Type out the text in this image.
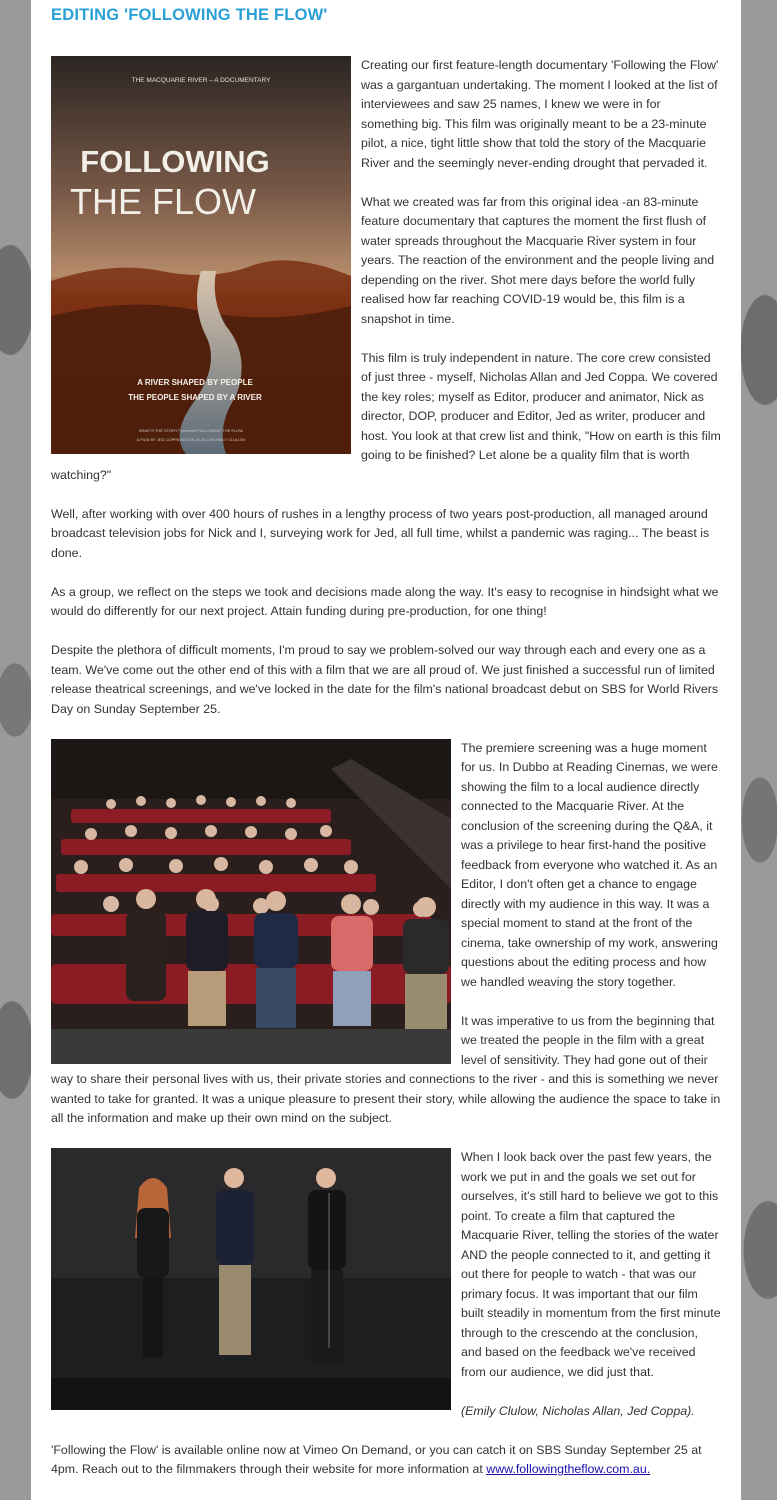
EDITING 'FOLLOWING THE FLOW'
THE MACQUARIE RIVER – A DOCUMENTARY
FOLLOWING
THE FLOW
A RIVER SHAPED BY PEOPLE
THE PEOPLE SHAPED BY A RIVER
WHAT'S THE STORY? presents FOLLOWING THE FLOW
A FILM BY JED COPPA NICHOLAS ALLAN EMILY CLULOW

Creating our first feature-length documentary 'Following the Flow' was a gargantuan undertaking. The moment I looked at the list of interviewees and saw 25 names, I knew we were in for something big. This film was originally meant to be a 23-minute pilot, a nice, tight little show that told the story of the Macquarie River and the seemingly never-ending drought that pervaded it.

What we created was far from this original idea -an 83-minute feature documentary that captures the moment the first flush of water spreads throughout the Macquarie River system in four years. The reaction of the environment and the people living and depending on the river. Shot mere days before the world fully realised how far reaching COVID-19 would be, this film is a snapshot in time.

This film is truly independent in nature. The core crew consisted of just three - myself, Nicholas Allan and Jed Coppa. We covered the key roles; myself as Editor, producer and animator, Nick as director, DOP, producer and Editor, Jed as writer, producer and host. You look at that crew list and think, "How on earth is this film going to be finished? Let alone be a quality film that is worth watching?"

Well, after working with over 400 hours of rushes in a lengthy process of two years post-production, all managed around broadcast television jobs for Nick and I, surveying work for Jed, all full time, whilst a pandemic was raging... The beast is done.

As a group, we reflect on the steps we took and decisions made along the way. It's easy to recognise in hindsight what we would do differently for our next project. Attain funding during pre-production, for one thing!

Despite the plethora of difficult moments, I'm proud to say we problem-solved our way through each and every one as a team. We've come out the other end of this with a film that we are all proud of. We just finished a successful run of limited release theatrical screenings, and we've locked in the date for the film's national broadcast debut on SBS for World Rivers Day on Sunday September 25.

The premiere screening was a huge moment for us. In Dubbo at Reading Cinemas, we were showing the film to a local audience directly connected to the Macquarie River. At the conclusion of the screening during the Q&A, it was a privilege to hear first-hand the positive feedback from everyone who watched it. As an Editor, I don't often get a chance to engage directly with my audience in this way. It was a special moment to stand at the front of the cinema, take ownership of my work, answering questions about the editing process and how we handled weaving the story together.

It was imperative to us from the beginning that we treated the people in the film with a great level of sensitivity. They had gone out of their way to share their personal lives with us, their private stories and connections to the river - and this is something we never wanted to take for granted. It was a unique pleasure to present their story, while allowing the audience the space to take in all the information and make up their own mind on the subject.

When I look back over the past few years, the work we put in and the goals we set out for ourselves, it's still hard to believe we got to this point. To create a film that captured the Macquarie River, telling the stories of the water AND the people connected to it, and getting it out there for people to watch - that was our primary focus. It was important that our film built steadily in momentum from the first minute through to the crescendo at the conclusion, and based on the feedback we've received from our audience, we did just that.

(Emily Clulow, Nicholas Allan, Jed Coppa).

'Following the Flow' is available online now at Vimeo On Demand, or you can catch it on SBS Sunday September 25 at 4pm. Reach out to the filmmakers through their website for more information at www.followingtheflow.com.au.
